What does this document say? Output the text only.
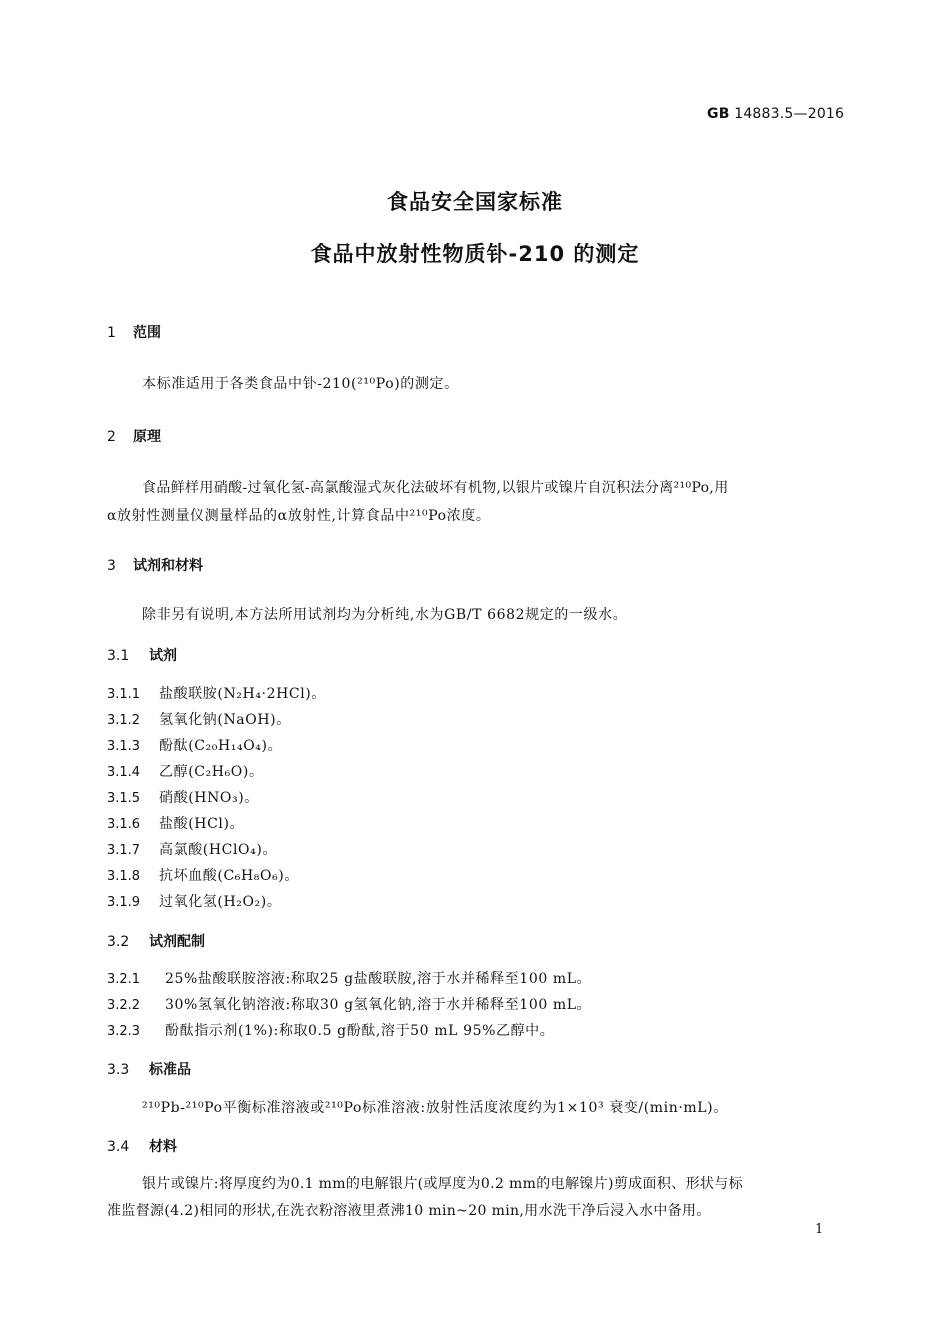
GB 14883.5—2016
食品安全国家标准
食品中放射性物质钋-210 的测定
1 范围
本标准适用于各类食品中钋-210(²¹⁰Po)的测定。
2 原理
食品鲜样用硝酸-过氧化氢-高氯酸湿式灰化法破坏有机物,以银片或镍片自沉积法分离²¹⁰Po,用
α放射性测量仪测量样品的α放射性,计算食品中²¹⁰Po浓度。
3 试剂和材料
除非另有说明,本方法所用试剂均为分析纯,水为GB/T 6682规定的一级水。
3.1 试剂
3.1.1 盐酸联胺(N₂H₄·2HCl)。
3.1.2 氢氧化钠(NaOH)。
3.1.3 酚酞(C₂₀H₁₄O₄)。
3.1.4 乙醇(C₂H₆O)。
3.1.5 硝酸(HNO₃)。
3.1.6 盐酸(HCl)。
3.1.7 高氯酸(HClO₄)。
3.1.8 抗坏血酸(C₆H₈O₆)。
3.1.9 过氧化氢(H₂O₂)。
3.2 试剂配制
3.2.1 25%盐酸联胺溶液:称取25 g盐酸联胺,溶于水并稀释至100 mL。
3.2.2 30%氢氧化钠溶液:称取30 g氢氧化钠,溶于水并稀释至100 mL。
3.2.3 酚酞指示剂(1%):称取0.5 g酚酞,溶于50 mL 95%乙醇中。
3.3 标准品
²¹⁰Pb-²¹⁰Po平衡标准溶液或²¹⁰Po标准溶液:放射性活度浓度约为1×10³ 衰变/(min·mL)。
3.4 材料
银片或镍片:将厚度约为0.1 mm的电解银片(或厚度为0.2 mm的电解镍片)剪成面积、形状与标
准监督源(4.2)相同的形状,在洗衣粉溶液里煮沸10 min~20 min,用水洗干净后浸入水中备用。
1
